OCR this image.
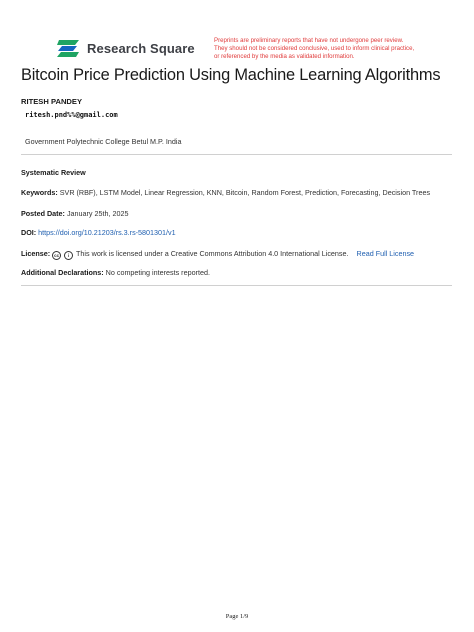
Research Square	Preprints are preliminary reports that have not undergone peer review.
They should not be considered conclusive, used to inform clinical practice,
or referenced by the media as validated information.
Bitcoin Price Prediction Using Machine Learning Algorithms
RITESH PANDEY
ritesh.pnd%%@gmail.com
Government Polytechnic College Betul M.P. India
Systematic Review
Keywords: SVR (RBF), LSTM Model, Linear Regression, KNN, Bitcoin, Random Forest, Prediction, Forecasting, Decision Trees
Posted Date: January 25th, 2025
DOI: https://doi.org/10.21203/rs.3.rs-5801301/v1
License: cc i This work is licensed under a Creative Commons Attribution 4.0 International License. Read Full License
Additional Declarations: No competing interests reported.
Page 1/9
